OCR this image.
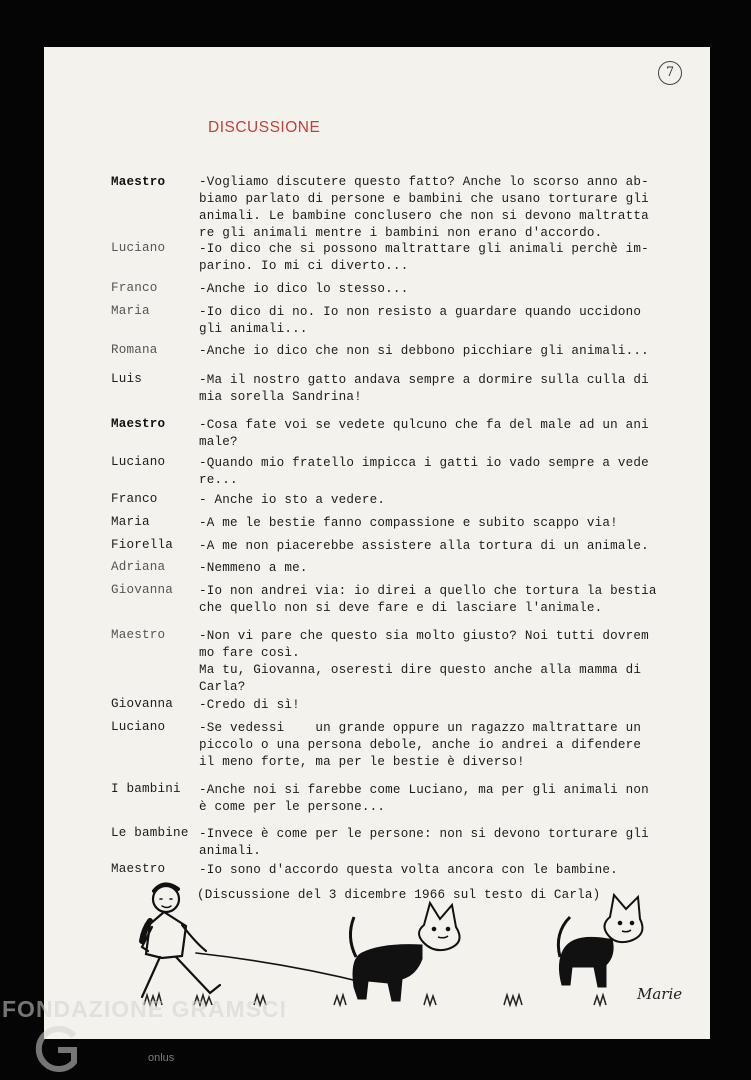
7
DISCUSSIONE
Maestro	-Vogliamo discutere questo fatto? Anche lo scorso anno ab-
biamo parlato di persone e bambini che usano torturare gli
animali. Le bambine conclusero che non si devono maltratta
re gli animali mentre i bambini non erano d'accordo.
Luciano	-Io dico che si possono maltrattare gli animali perchè im-
parino. Io mi ci diverto...
Franco	-Anche io dico lo stesso...
Maria	-Io dico di no. Io non resisto a guardare quando uccidono
gli animali...
Romana	-Anche io dico che non si debbono picchiare gli animali...
Luis	-Ma il nostro gatto andava sempre a dormire sulla culla di
mia sorella Sandrina!
Maestro	-Cosa fate voi se vedete qulcuno che fa del male ad un ani
male?
Luciano	-Quando mio fratello impicca i gatti io vado sempre a vede
re...
Franco	- Anche io sto a vedere.
Maria	-A me le bestie fanno compassione e subito scappo via!
Fiorella -A me non piacerebbe assistere alla tortura di un animale.
Adriana	-Nemmeno a me.
Giovanna -Io non andrei via: io direi a quello che tortura la bestia
che quello non si deve fare e di lasciare l'animale.
Maestro	-Non vi pare che questo sia molto giusto? Noi tutti dovrem
mo fare così.
Ma tu, Giovanna, oseresti dire questo anche alla mamma di
Carla?
Giovanna -Credo di sì!
Luciano	-Se vedessi    un grande oppure un ragazzo maltrattare un
piccolo o una persona debole, anche io andrei a difendere
il meno forte, ma per le bestie è diverso!
I bambini -Anche noi si farebbe come Luciano, ma per gli animali non
è come per le persone...
Le bambine -Invece è come per le persone: non si devono torturare gli
animali.
Maestro	-Io sono d'accordo questa volta ancora con le bambine.
(Discussione del 3 dicembre 1966 sul testo di Carla)
Marie
FONDAZIONE GRAMSCI
onlus
